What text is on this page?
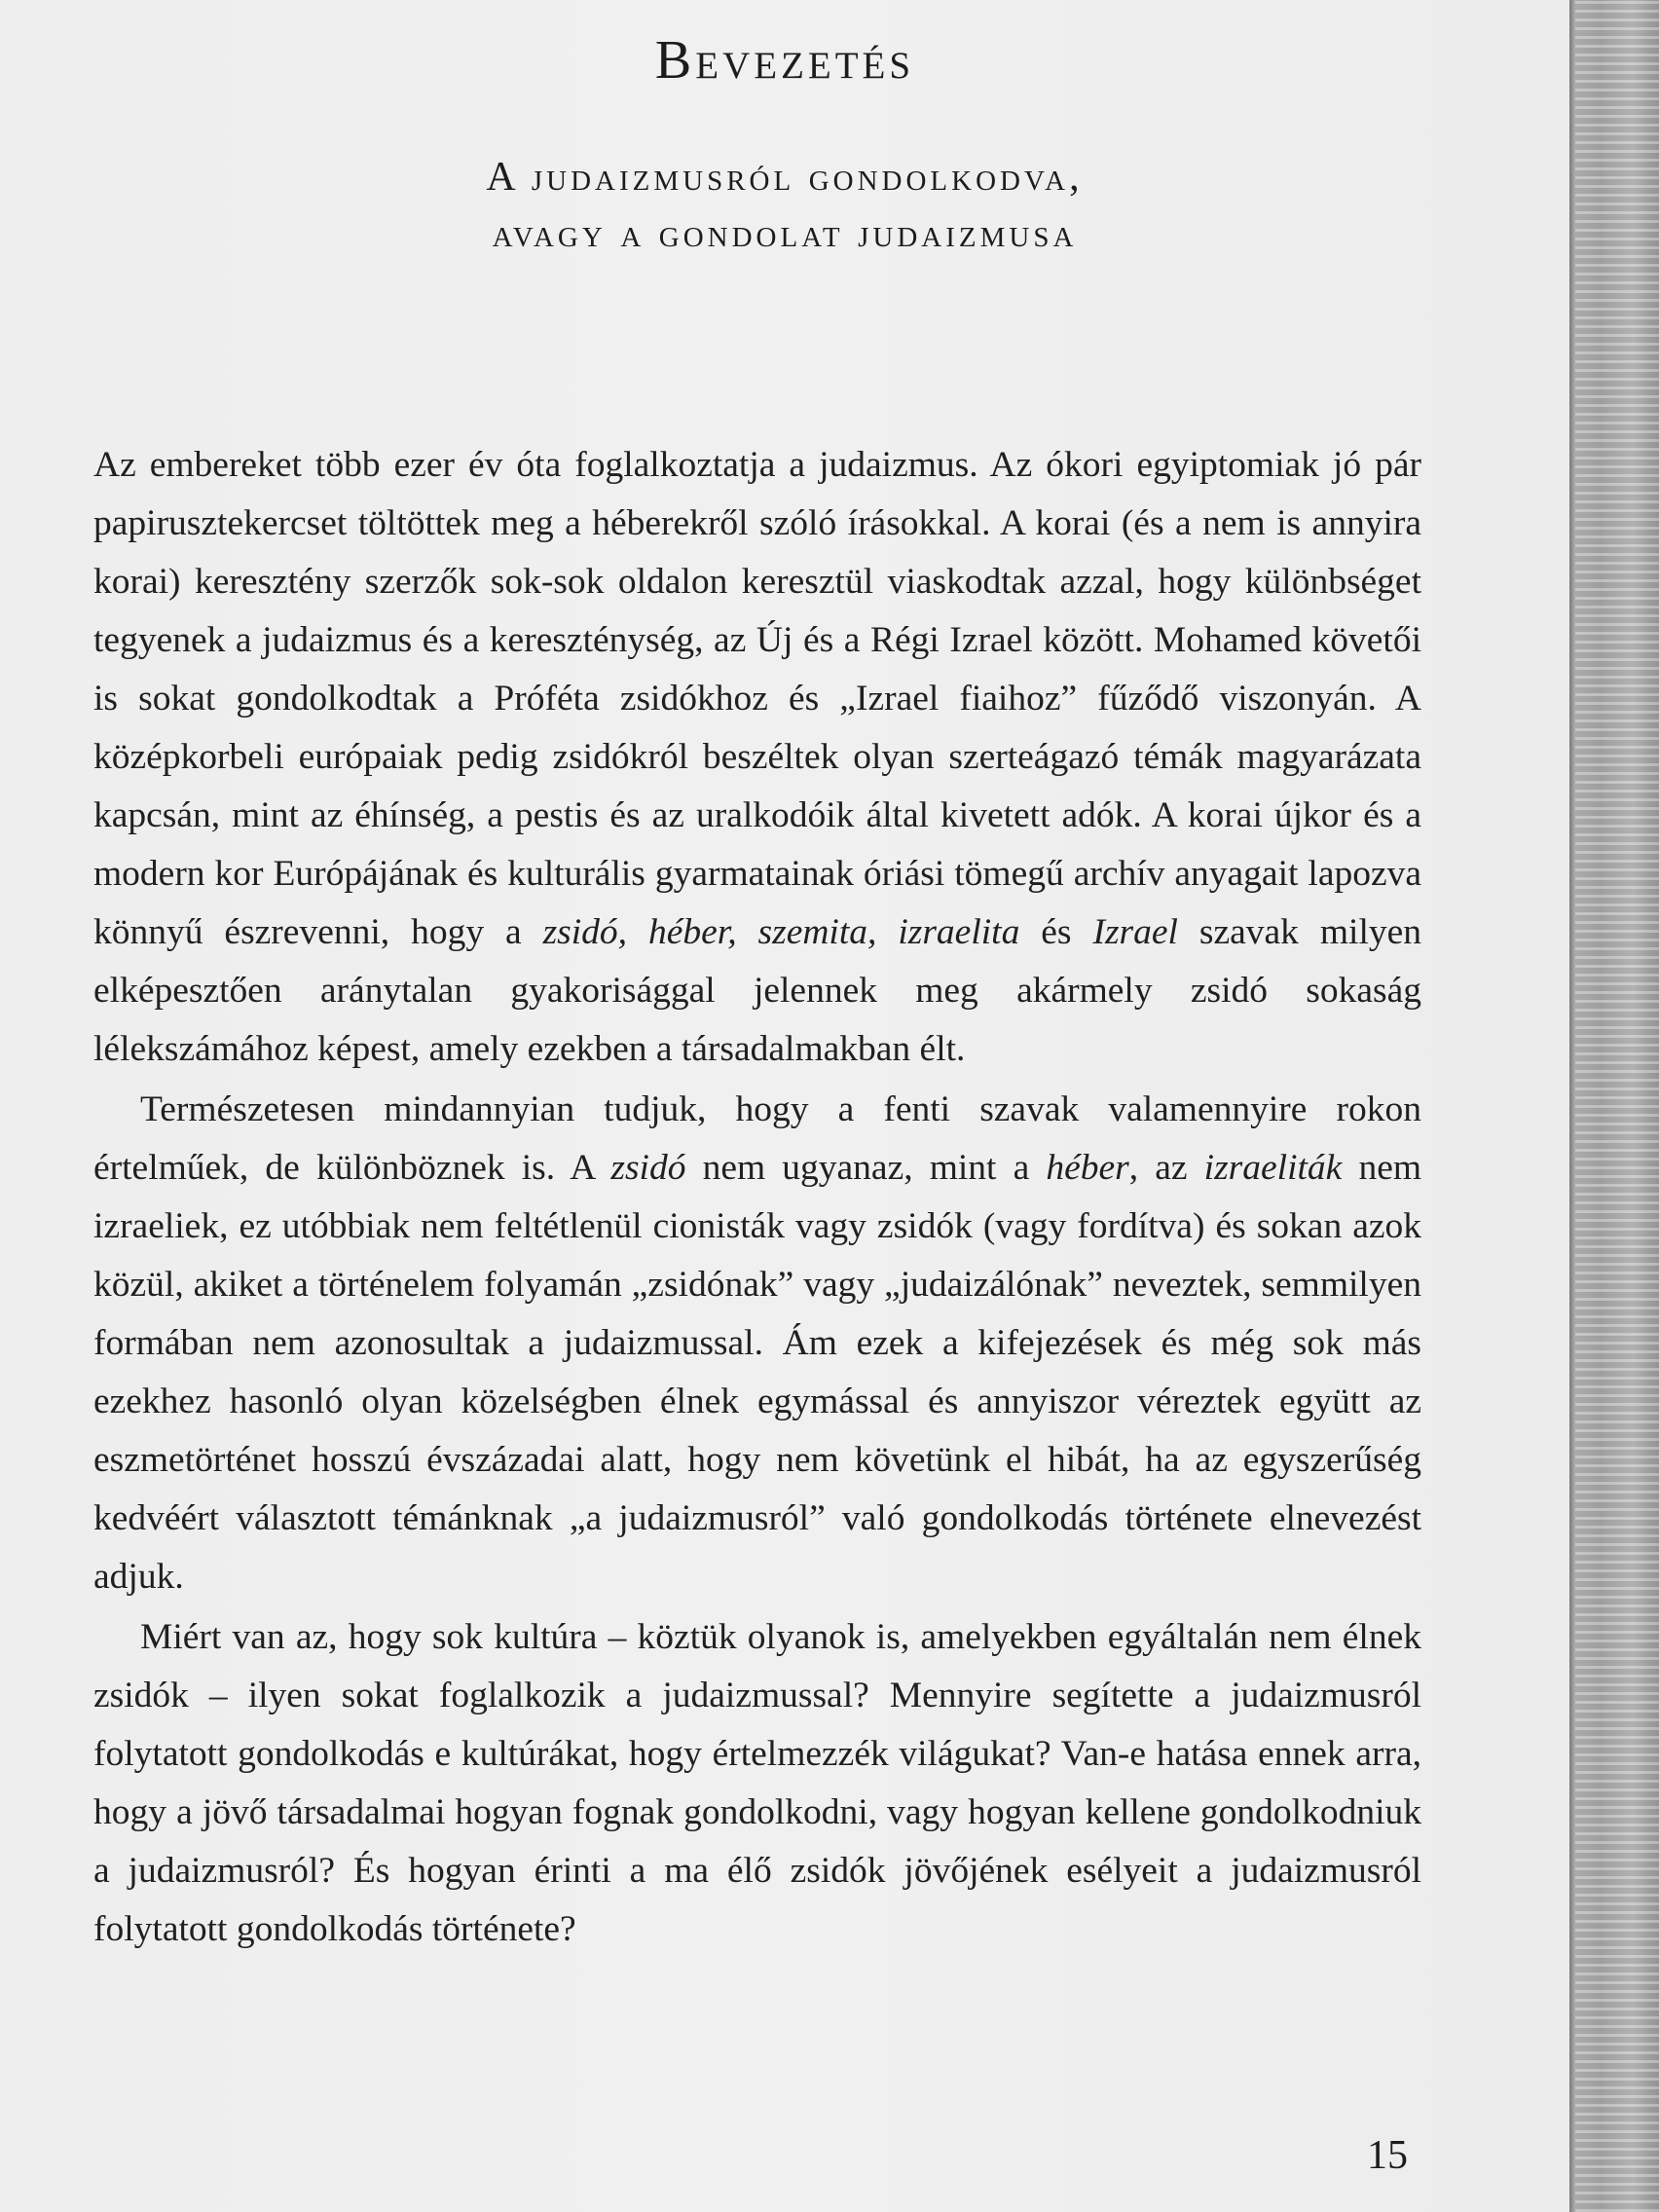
Bevezetés
A judaizmusról gondolkodva,
avagy a gondolat judaizmusa

Az embereket több ezer év óta foglalkoztatja a judaizmus. Az ókori egyiptomiak jó pár papirusztekercset töltöttek meg a héberekről szóló írásokkal. A korai (és a nem is annyira korai) keresztény szerzők sok-sok oldalon keresztül viaskodtak azzal, hogy különbséget tegyenek a judaizmus és a kereszténység, az Új és a Régi Izrael között. Mohamed követői is sokat gondolkodtak a Próféta zsidókhoz és „Izrael fiaihoz” fűződő viszonyán. A középkorbeli európaiak pedig zsidókról beszéltek olyan szerteágazó témák magyarázata kapcsán, mint az éhínség, a pestis és az uralkodóik által kivetett adók. A korai újkor és a modern kor Európájának és kulturális gyarmatainak óriási tömegű archív anyagait lapozva könnyű észrevenni, hogy a zsidó, héber, szemita, izraelita és Izrael szavak milyen elképesztően aránytalan gyakorisággal jelennek meg akármely zsidó sokaság lélekszámához képest, amely ezekben a társadalmakban élt.

Természetesen mindannyian tudjuk, hogy a fenti szavak valamennyire rokon értelműek, de különböznek is. A zsidó nem ugyanaz, mint a héber, az izraeliták nem izraeliek, ez utóbbiak nem feltétlenül cionisták vagy zsidók (vagy fordítva) és sokan azok közül, akiket a történelem folyamán „zsidónak” vagy „judaizálónak” neveztek, semmilyen formában nem azonosultak a judaizmussal. Ám ezek a kifejezések és még sok más ezekhez hasonló olyan közelségben élnek egymással és annyiszor véreztek együtt az eszmetörténet hosszú évszázadai alatt, hogy nem követünk el hibát, ha az egyszerűség kedvéért választott témánknak „a judaizmusról” való gondolkodás története elnevezést adjuk.

Miért van az, hogy sok kultúra – köztük olyanok is, amelyekben egyáltalán nem élnek zsidók – ilyen sokat foglalkozik a judaizmussal? Mennyire segítette a judaizmusról folytatott gondolkodás e kultúrákat, hogy értelmezzék világukat? Van-e hatása ennek arra, hogy a jövő társadalmai hogyan fognak gondolkodni, vagy hogyan kellene gondolkodniuk a judaizmusról? És hogyan érinti a ma élő zsidók jövőjének esélyeit a judaizmusról folytatott gondolkodás története?

15
